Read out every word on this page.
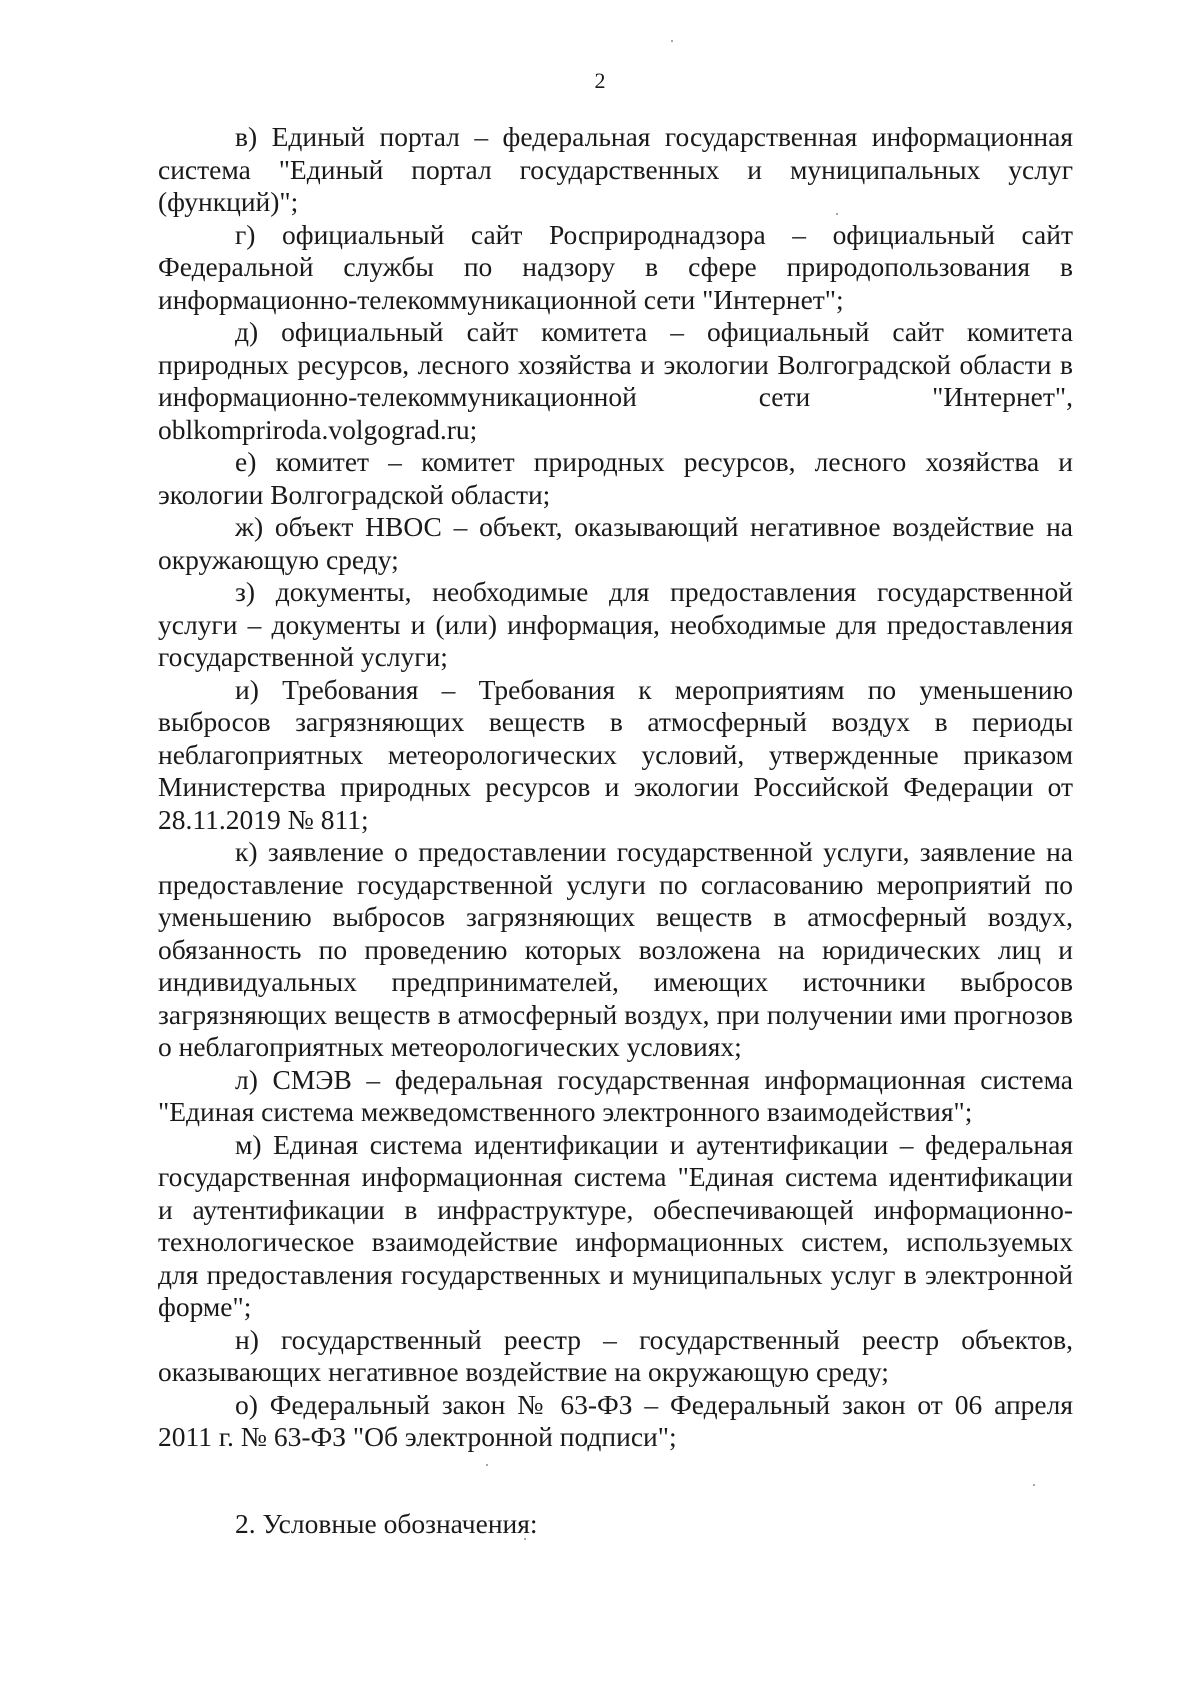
2

в) Единый портал – федеральная государственная информационная система "Единый портал государственных и муниципальных услуг (функций)";

г) официальный сайт Росприроднадзора – официальный сайт Федеральной службы по надзору в сфере природопользования в информационно-телекоммуникационной сети "Интернет";

д) официальный сайт комитета – официальный сайт комитета природных ресурсов, лесного хозяйства и экологии Волгоградской области в информационно-телекоммуникационной сети "Интернет", oblkompriroda.volgograd.ru;

е) комитет – комитет природных ресурсов, лесного хозяйства и экологии Волгоградской области;

ж) объект НВОС – объект, оказывающий негативное воздействие на окружающую среду;

з) документы, необходимые для предоставления государственной услуги – документы и (или) информация, необходимые для предоставления государственной услуги;

и) Требования – Требования к мероприятиям по уменьшению выбросов загрязняющих веществ в атмосферный воздух в периоды неблагоприятных метеорологических условий, утвержденные приказом Министерства природных ресурсов и экологии Российской Федерации от 28.11.2019 № 811;

к) заявление о предоставлении государственной услуги, заявление на предоставление государственной услуги по согласованию мероприятий по уменьшению выбросов загрязняющих веществ в атмосферный воздух, обязанность по проведению которых возложена на юридических лиц и индивидуальных предпринимателей, имеющих источники выбросов загрязняющих веществ в атмосферный воздух, при получении ими прогнозов о неблагоприятных метеорологических условиях;

л) СМЭВ – федеральная государственная информационная система "Единая система межведомственного электронного взаимодействия";

м) Единая система идентификации и аутентификации – федеральная государственная информационная система "Единая система идентификации и аутентификации в инфраструктуре, обеспечивающей информационно-технологическое взаимодействие информационных систем, используемых для предоставления государственных и муниципальных услуг в электронной форме";

н) государственный реестр – государственный реестр объектов, оказывающих негативное воздействие на окружающую среду;

о) Федеральный закон № 63-ФЗ – Федеральный закон от 06 апреля 2011 г. № 63-ФЗ "Об электронной подписи";

2. Условные обозначения:
